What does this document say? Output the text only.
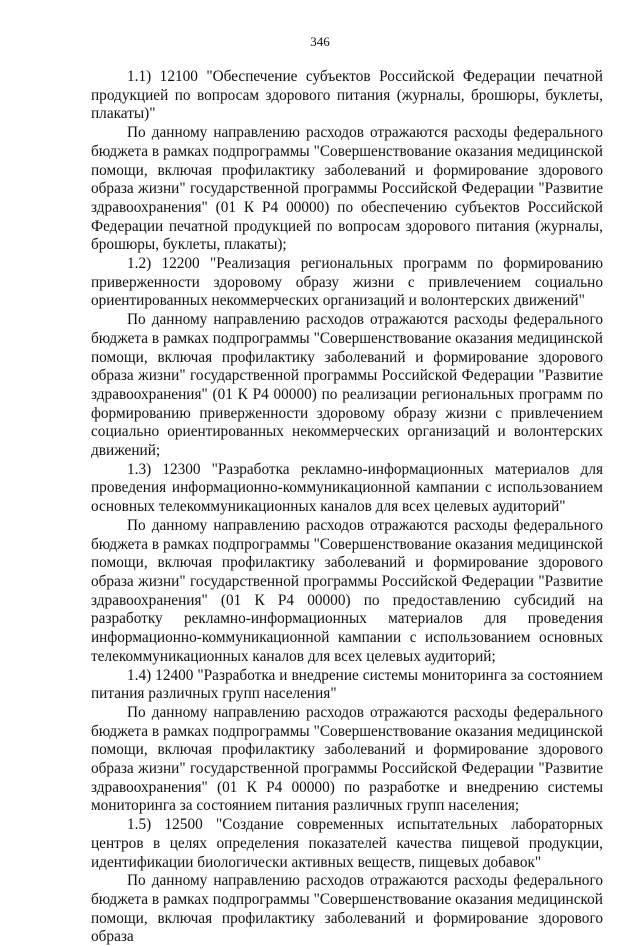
346

1.1) 12100 "Обеспечение субъектов Российской Федерации печатной продукцией по вопросам здорового питания (журналы, брошюры, буклеты, плакаты)"

По данному направлению расходов отражаются расходы федерального бюджета в рамках подпрограммы "Совершенствование оказания медицинской помощи, включая профилактику заболеваний и формирование здорового образа жизни" государственной программы Российской Федерации "Развитие здравоохранения" (01 К Р4 00000) по обеспечению субъектов Российской Федерации печатной продукцией по вопросам здорового питания (журналы, брошюры, буклеты, плакаты);

1.2) 12200 "Реализация региональных программ по формированию приверженности здоровому образу жизни с привлечением социально ориентированных некоммерческих организаций и волонтерских движений"

По данному направлению расходов отражаются расходы федерального бюджета в рамках подпрограммы "Совершенствование оказания медицинской помощи, включая профилактику заболеваний и формирование здорового образа жизни" государственной программы Российской Федерации "Развитие здравоохранения" (01 К Р4 00000) по реализации региональных программ по формированию приверженности здоровому образу жизни с привлечением социально ориентированных некоммерческих организаций и волонтерских движений;

1.3) 12300 "Разработка рекламно-информационных материалов для проведения информационно-коммуникационной кампании с использованием основных телекоммуникационных каналов для всех целевых аудиторий"

По данному направлению расходов отражаются расходы федерального бюджета в рамках подпрограммы "Совершенствование оказания медицинской помощи, включая профилактику заболеваний и формирование здорового образа жизни" государственной программы Российской Федерации "Развитие здравоохранения" (01 К Р4 00000) по предоставлению субсидий на разработку рекламно-информационных материалов для проведения информационно-коммуникационной кампании с использованием основных телекоммуникационных каналов для всех целевых аудиторий;

1.4) 12400 "Разработка и внедрение системы мониторинга за состоянием питания различных групп населения"

По данному направлению расходов отражаются расходы федерального бюджета в рамках подпрограммы "Совершенствование оказания медицинской помощи, включая профилактику заболеваний и формирование здорового образа жизни" государственной программы Российской Федерации "Развитие здравоохранения" (01 К Р4 00000) по разработке и внедрению системы мониторинга за состоянием питания различных групп населения;

1.5) 12500 "Создание современных испытательных лабораторных центров в целях определения показателей качества пищевой продукции, идентификации биологически активных веществ, пищевых добавок"

По данному направлению расходов отражаются расходы федерального бюджета в рамках подпрограммы "Совершенствование оказания медицинской помощи, включая профилактику заболеваний и формирование здорового образа
